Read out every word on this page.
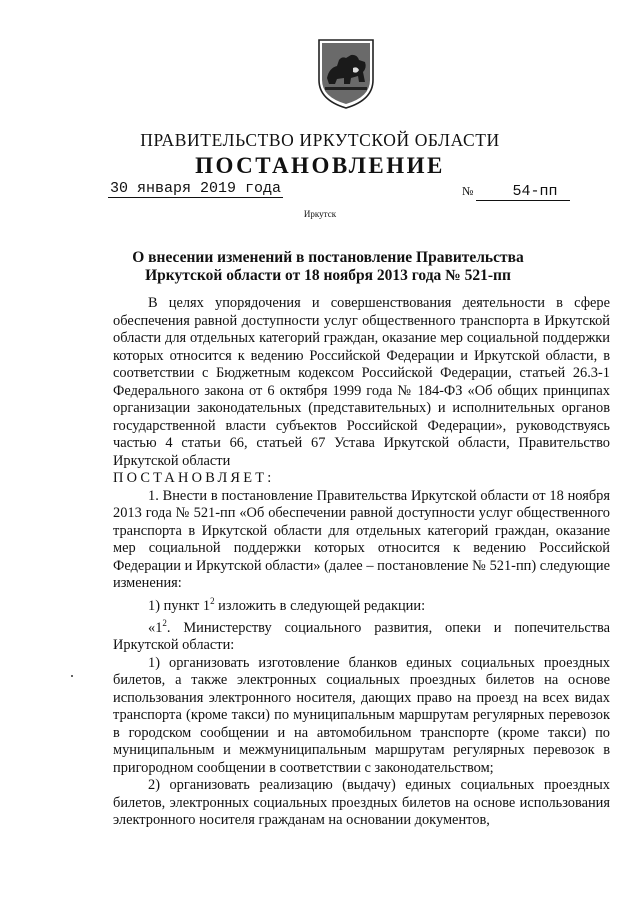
ПРАВИТЕЛЬСТВО ИРКУТСКОЙ ОБЛАСТИ
ПОСТАНОВЛЕНИЕ
30 января 2019 года	№	54-пп
Иркутск
О внесении изменений в постановление Правительства Иркутской области от 18 ноября 2013 года № 521-пп

В целях упорядочения и совершенствования деятельности в сфере обеспечения равной доступности услуг общественного транспорта в Иркутской области для отдельных категорий граждан, оказание мер социальной поддержки которых относится к ведению Российской Федерации и Иркутской области, в соответствии с Бюджетным кодексом Российской Федерации, статьей 26.3-1 Федерального закона от 6 октября 1999 года № 184-ФЗ «Об общих принципах организации законодательных (представительных) и исполнительных органов государственной власти субъектов Российской Федерации», руководствуясь частью 4 статьи 66, статьей 67 Устава Иркутской области, Правительство Иркутской области

ПОСТАНОВЛЯЕТ:

1. Внести в постановление Правительства Иркутской области от 18 ноября 2013 года № 521-пп «Об обеспечении равной доступности услуг общественного транспорта в Иркутской области для отдельных категорий граждан, оказание мер социальной поддержки которых относится к ведению Российской Федерации и Иркутской области» (далее – постановление № 521-пп) следующие изменения:

1) пункт $1^2$ изложить в следующей редакции:

«$1^2$. Министерству социального развития, опеки и попечительства Иркутской области:

1) организовать изготовление бланков единых социальных проездных билетов, а также электронных социальных проездных билетов на основе использования электронного носителя, дающих право на проезд на всех видах транспорта (кроме такси) по муниципальным маршрутам регулярных перевозок в городском сообщении и на автомобильном транспорте (кроме такси) по муниципальным и межмуниципальным маршрутам регулярных перевозок в пригородном сообщении в соответствии с законодательством;

2) организовать реализацию (выдачу) единых социальных проездных билетов, электронных социальных проездных билетов на основе использования электронного носителя гражданам на основании документов,
